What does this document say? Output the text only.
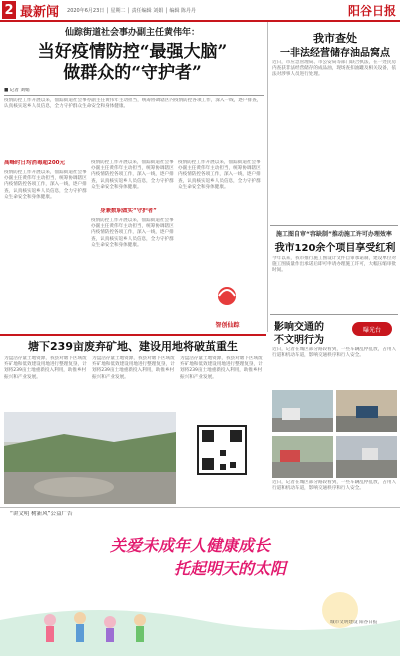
2 最新闻 2020年6月23日 │ 星期二 │ 责任编辑 刘娟 │ 编辑 陈丹丹	阳谷日报
仙踪街道社会事办副主任黄伟年：
当好疫情防控“最强大脑”
做群众的“守护者”
■ 记者 刘娟
疫情防控工作开展以来，仙踪街道社会事办副主任黄伟年主动担当，统筹协调辖区内疫情防控各项工作，深入一线，逐户排查，认真核实返乡人员信息，全力守护群众生命安全和身体健康。
高峰时日均消毒超200元
疫情防控工作开展以来，仙踪街道社会事办副主任黄伟年主动担当，统筹协调辖区内疫情防控各项工作，深入一线，逐户排查，认真核实返乡人员信息，全力守护群众生命安全和身体健康。
疫情防控工作开展以来，仙踪街道社会事办副主任黄伟年主动担当，统筹协调辖区内疫情防控各项工作，深入一线，逐户排查，认真核实返乡人员信息，全力守护群众生命安全和身体健康。
身兼数职做实“守护者”
疫情防控工作开展以来，仙踪街道社会事办副主任黄伟年主动担当，统筹协调辖区内疫情防控各项工作，深入一线，逐户排查，认真核实返乡人员信息，全力守护群众生命安全和身体健康。
疫情防控工作开展以来，仙踪街道社会事办副主任黄伟年主动担当，统筹协调辖区内疫情防控各项工作，深入一线，逐户排查，认真核实返乡人员信息，全力守护群众生命安全和身体健康。
智创仙踪
我市查处
一非法经营储存油品窝点
近日，市应急管理局、市公安局等部门联合执法，在一处民房内查获非法经营储存的成品油，现场查扣油罐及相关设备，依法对涉事人员进行处理。
施工图自审“容缺制”推动施工许可办理效率
我市120余个项目享受红利
今年以来，我市推行施工图设计文件自审承诺制，建设单位对施工图质量作出承诺后即可申请办理施工许可，大幅压缩审批时间。
影响交通的
不文明行为
曝光台
近日，记者在城区部分路段看到，一些车辆乱停乱放，占用人行道和机动车道，影响交通秩序和行人安全。
近日，记者在城区部分路段看到，一些车辆乱停乱放，占用人行道和机动车道，影响交通秩序和行人安全。
塘下239亩废弃矿地、建设用地将破茧重生
为盘活存量土地资源，我县对塘下区域废弃矿地和低效建设用地进行整理复垦，计划将239亩土地重新投入利用，助推乡村振兴和产业发展。
为盘活存量土地资源，我县对塘下区域废弃矿地和低效建设用地进行整理复垦，计划将239亩土地重新投入利用，助推乡村振兴和产业发展。
为盘活存量土地资源，我县对塘下区域废弃矿地和低效建设用地进行整理复垦，计划将239亩土地重新投入利用，助推乡村振兴和产业发展。
“讲文明 树新风”公益广告
关爱未成年人健康成长
托起明天的太阳
城市文明建设 阳谷日报
